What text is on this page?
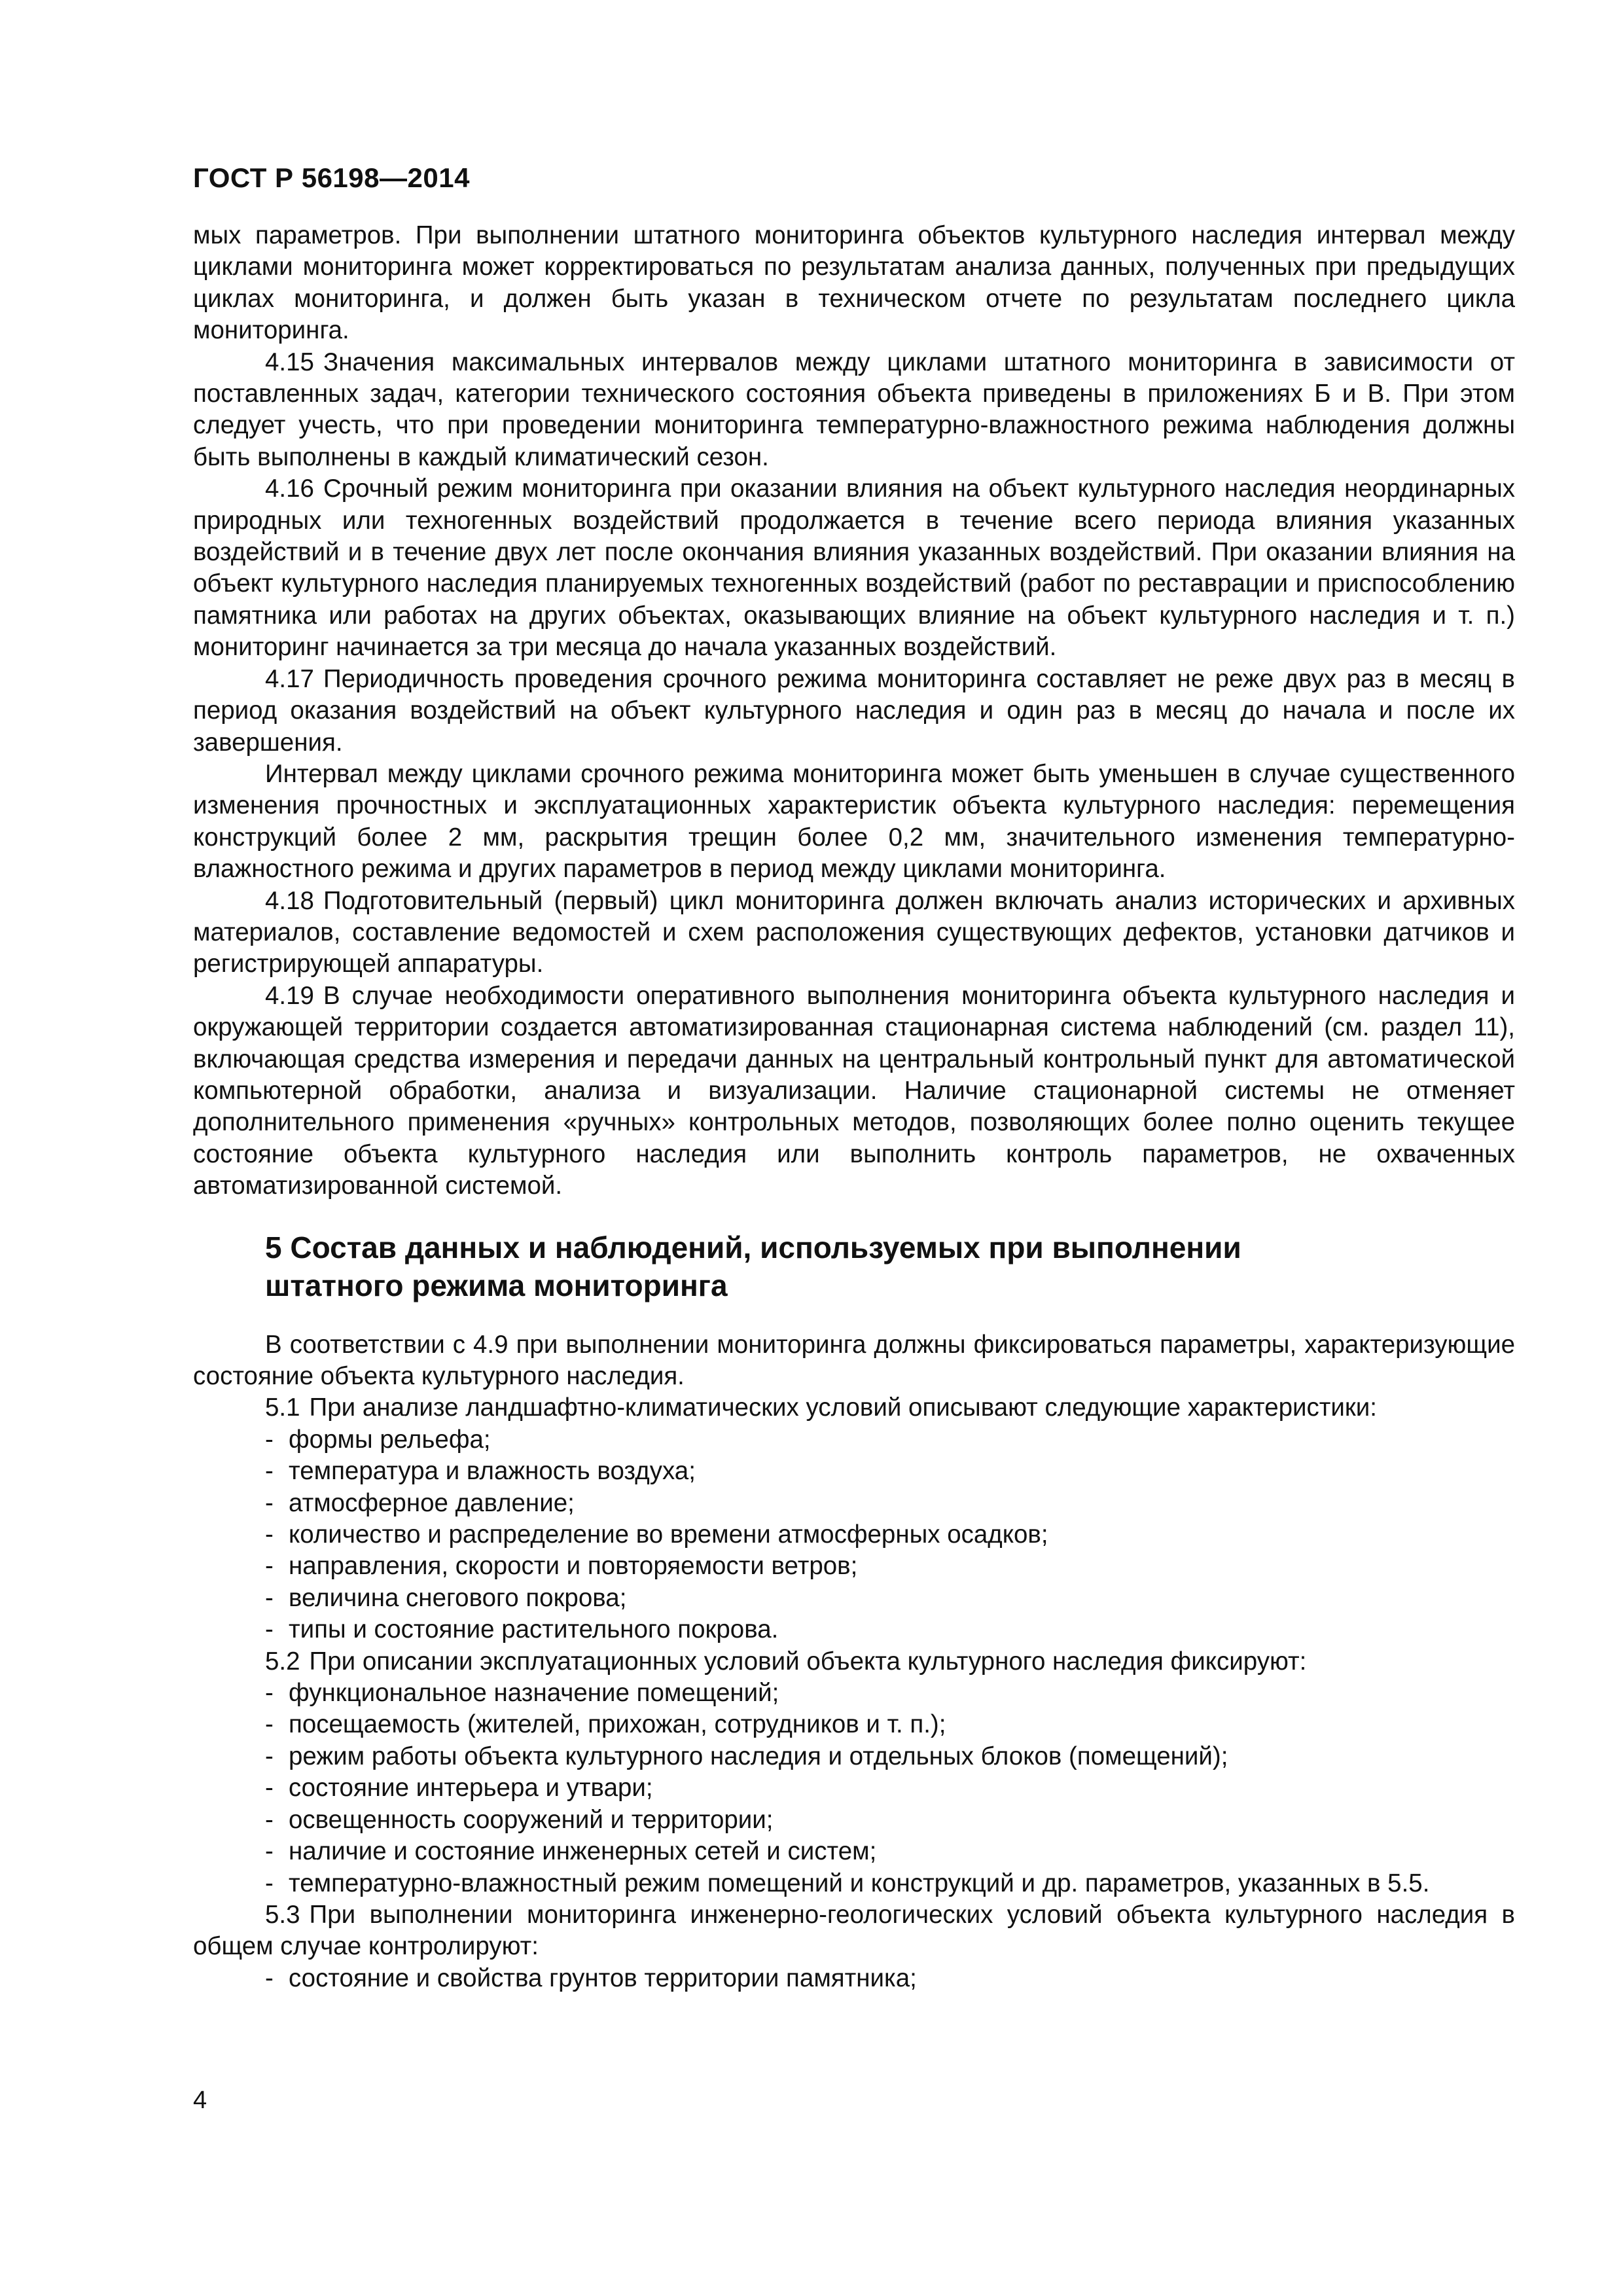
ГОСТ Р 56198—2014

мых параметров. При выполнении штатного мониторинга объектов культурного наследия интервал между циклами мониторинга может корректироваться по результатам анализа данных, полученных при предыдущих циклах мониторинга, и должен быть указан в техническом отчете по результатам последнего цикла мониторинга.

4.15 Значения максимальных интервалов между циклами штатного мониторинга в зависимости от поставленных задач, категории технического состояния объекта приведены в приложениях Б и В. При этом следует учесть, что при проведении мониторинга температурно-влажностного режима наблюдения должны быть выполнены в каждый климатический сезон.

4.16 Срочный режим мониторинга при оказании влияния на объект культурного наследия неординарных природных или техногенных воздействий продолжается в течение всего периода влияния указанных воздействий и в течение двух лет после окончания влияния указанных воздействий. При оказании влияния на объект культурного наследия планируемых техногенных воздействий (работ по реставрации и приспособлению памятника или работах на других объектах, оказывающих влияние на объект культурного наследия и т. п.) мониторинг начинается за три месяца до начала указанных воздействий.

4.17 Периодичность проведения срочного режима мониторинга составляет не реже двух раз в месяц в период оказания воздействий на объект культурного наследия и один раз в месяц до начала и после их завершения.

Интервал между циклами срочного режима мониторинга может быть уменьшен в случае существенного изменения прочностных и эксплуатационных характеристик объекта культурного наследия: перемещения конструкций более 2 мм, раскрытия трещин более 0,2 мм, значительного изменения температурно-влажностного режима и других параметров в период между циклами мониторинга.

4.18 Подготовительный (первый) цикл мониторинга должен включать анализ исторических и архивных материалов, составление ведомостей и схем расположения существующих дефектов, установки датчиков и регистрирующей аппаратуры.

4.19 В случае необходимости оперативного выполнения мониторинга объекта культурного наследия и окружающей территории создается автоматизированная стационарная система наблюдений (см. раздел 11), включающая средства измерения и передачи данных на центральный контрольный пункт для автоматической компьютерной обработки, анализа и визуализации. Наличие стационарной системы не отменяет дополнительного применения «ручных» контрольных методов, позволяющих более полно оценить текущее состояние объекта культурного наследия или выполнить контроль параметров, не охваченных автоматизированной системой.

5 Состав данных и наблюдений, используемых при выполнении
штатного режима мониторинга

В соответствии с 4.9 при выполнении мониторинга должны фиксироваться параметры, характеризующие состояние объекта культурного наследия.

5.1 При анализе ландшафтно-климатических условий описывают следующие характеристики:

- формы рельефа;
- температура и влажность воздуха;
- атмосферное давление;
- количество и распределение во времени атмосферных осадков;
- направления, скорости и повторяемости ветров;
- величина снегового покрова;
- типы и состояние растительного покрова.

5.2 При описании эксплуатационных условий объекта культурного наследия фиксируют:

- функциональное назначение помещений;
- посещаемость (жителей, прихожан, сотрудников и т. п.);
- режим работы объекта культурного наследия и отдельных блоков (помещений);
- состояние интерьера и утвари;
- освещенность сооружений и территории;
- наличие и состояние инженерных сетей и систем;
- температурно-влажностный режим помещений и конструкций и др. параметров, указанных в 5.5.

5.3 При выполнении мониторинга инженерно-геологических условий объекта культурного наследия в общем случае контролируют:

- состояние и свойства грунтов территории памятника;
4
